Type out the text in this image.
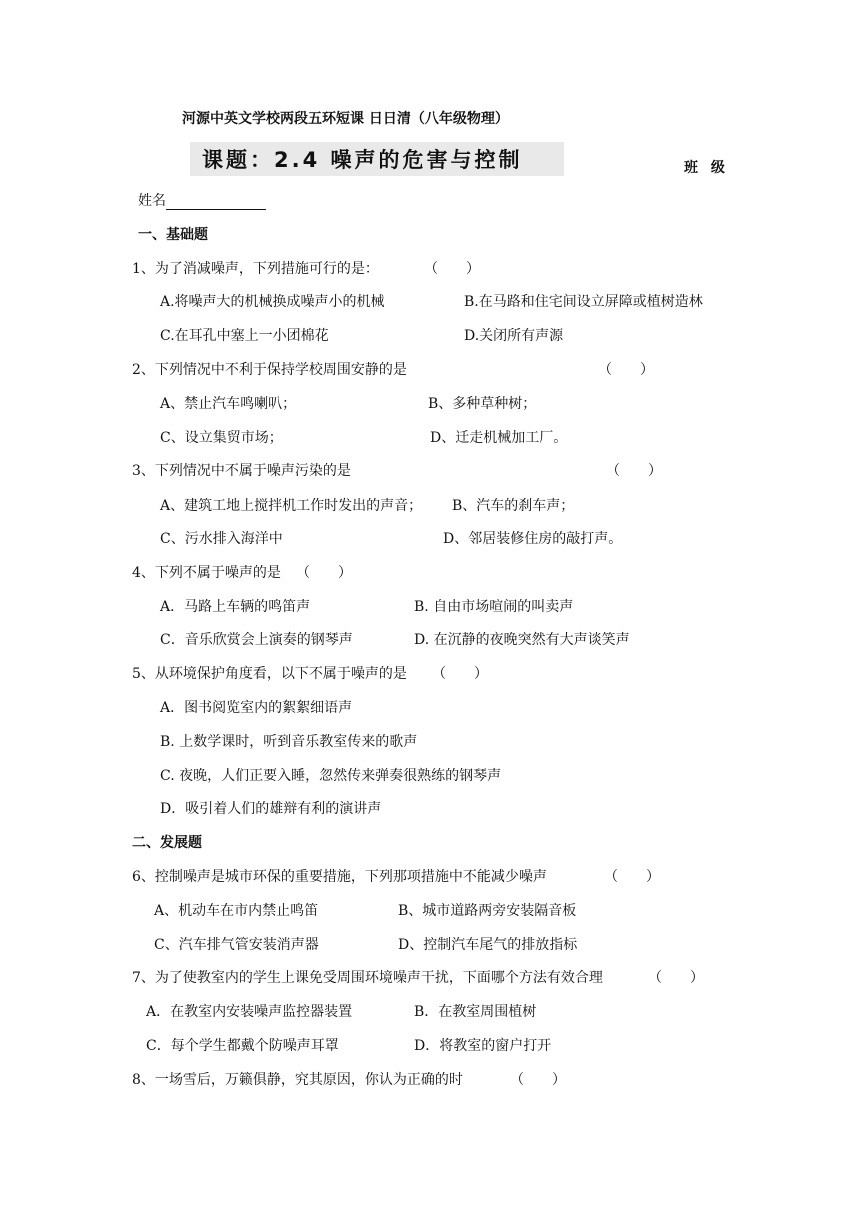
河源中英文学校两段五环短课 日日清（八年级物理）
课题：2.4 噪声的危害与控制	班 级
姓名
一、基础题
1、为了消减噪声，下列措施可行的是：	（　　）
A.将噪声大的机械换成噪声小的机械	B.在马路和住宅间设立屏障或植树造林
C.在耳孔中塞上一小团棉花	D.关闭所有声源
2、下列情况中不利于保持学校周围安静的是	（　　）
A、禁止汽车鸣喇叭；	B、多种草种树；
C、设立集贸市场；	D、迁走机械加工厂。
3、下列情况中不属于噪声污染的是	（　　）
A、建筑工地上搅拌机工作时发出的声音； B、汽车的刹车声；
C、污水排入海洋中	D、邻居装修住房的敲打声。
4、下列不属于噪声的是 （　　）
A．马路上车辆的鸣笛声	B. 自由市场喧闹的叫卖声
C．音乐欣赏会上演奏的钢琴声	D. 在沉静的夜晚突然有大声谈笑声
5、从环境保护角度看，以下不属于噪声的是 （　　）
A．图书阅览室内的絮絮细语声
B. 上数学课时，听到音乐教室传来的歌声
C. 夜晚，人们正要入睡，忽然传来弹奏很熟练的钢琴声
D．吸引着人们的雄辩有利的演讲声
二、发展题
6、控制噪声是城市环保的重要措施，下列那项措施中不能减少噪声	（　　）
A、机动车在市内禁止鸣笛	B、城市道路两旁安装隔音板
C、汽车排气管安装消声器	D、控制汽车尾气的排放指标
7、为了使教室内的学生上课免受周围环境噪声干扰，下面哪个方法有效合理	（　　）
A．在教室内安装噪声监控器装置	B．在教室周围植树
C．每个学生都戴个防噪声耳罩	D．将教室的窗户打开
8、一场雪后，万籁俱静，究其原因，你认为正确的时	（　　）
